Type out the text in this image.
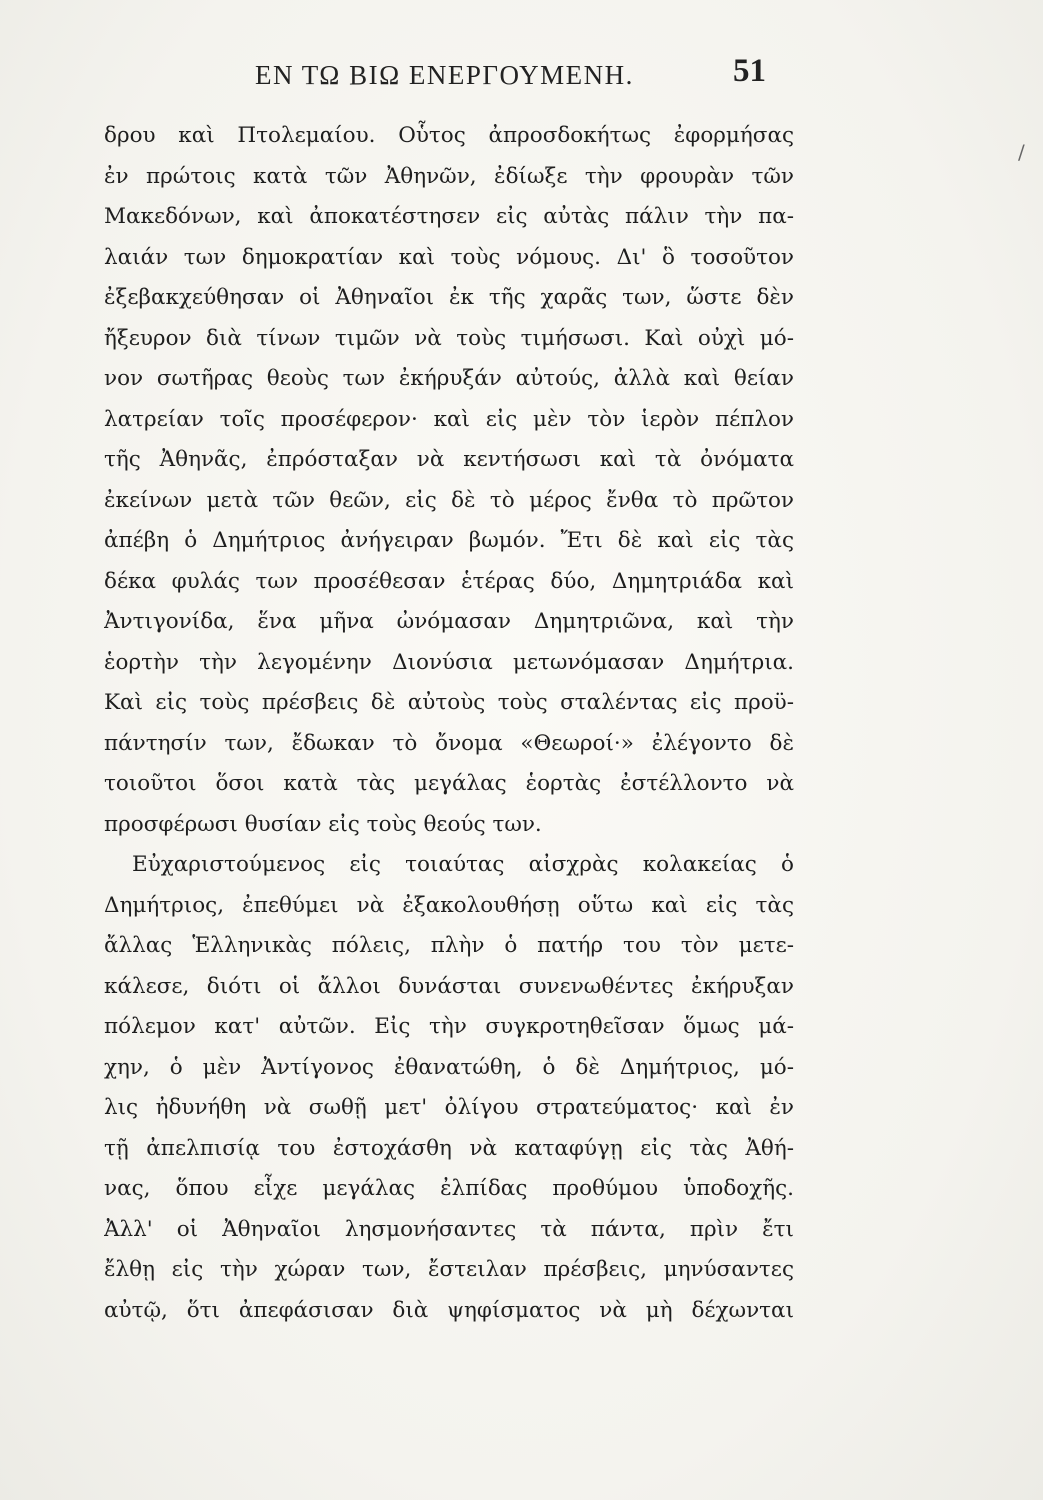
ΕΝ ΤΩ ΒΙΩ ΕΝΕΡΓΟΥΜΕΝΗ.	51
/
δρου καὶ Πτολεμαίου. Οὗτος ἀπροσδοκήτως ἐφορμήσας
ἐν πρώτοις κατὰ τῶν Ἀθηνῶν, ἐδίωξε τὴν φρουρὰν τῶν
Μακεδόνων, καὶ ἀποκατέστησεν εἰς αὐτὰς πάλιν τὴν πα-
λαιάν των δημοκρατίαν καὶ τοὺς νόμους. Δι' ὃ τοσοῦτον
ἐξεβακχεύθησαν οἱ Ἀθηναῖοι ἐκ τῆς χαρᾶς των, ὥστε δὲν
ἤξευρον διὰ τίνων τιμῶν νὰ τοὺς τιμήσωσι. Καὶ οὐχὶ μό-
νον σωτῆρας θεοὺς των ἐκήρυξάν αὐτούς, ἀλλὰ καὶ θείαν
λατρείαν τοῖς προσέφερον· καὶ εἰς μὲν τὸν ἱερὸν πέπλον
τῆς Ἀθηνᾶς, ἐπρόσταξαν νὰ κεντήσωσι καὶ τὰ ὀνόματα
ἐκείνων μετὰ τῶν θεῶν, εἰς δὲ τὸ μέρος ἔνθα τὸ πρῶτον
ἀπέβη ὁ Δημήτριος ἀνήγειραν βωμόν. Ἔτι δὲ καὶ εἰς τὰς
δέκα φυλάς των προσέθεσαν ἑτέρας δύο, Δημητριάδα καὶ
Ἀντιγονίδα, ἕνα μῆνα ὠνόμασαν Δημητριῶνα, καὶ τὴν
ἑορτὴν τὴν λεγομένην Διονύσια μετωνόμασαν Δημήτρια.
Καὶ εἰς τοὺς πρέσβεις δὲ αὐτοὺς τοὺς σταλέντας εἰς προϋ-
πάντησίν των, ἔδωκαν τὸ ὄνομα «Θεωροί·» ἐλέγοντο δὲ
τοιοῦτοι ὅσοι κατὰ τὰς μεγάλας ἑορτὰς ἐστέλλοντο νὰ
προσφέρωσι θυσίαν εἰς τοὺς θεούς των.
Εὐχαριστούμενος εἰς τοιαύτας αἰσχρὰς κολακείας ὁ
Δημήτριος, ἐπεθύμει νὰ ἐξακολουθήσῃ οὕτω καὶ εἰς τὰς
ἄλλας Ἑλληνικὰς πόλεις, πλὴν ὁ πατήρ του τὸν μετε-
κάλεσε, διότι οἱ ἄλλοι δυνάσται συνενωθέντες ἐκήρυξαν
πόλεμον κατ' αὐτῶν. Εἰς τὴν συγκροτηθεῖσαν ὅμως μά-
χην, ὁ μὲν Ἀντίγονος ἐθανατώθη, ὁ δὲ Δημήτριος, μό-
λις ἠδυνήθη νὰ σωθῇ μετ' ὀλίγου στρατεύματος· καὶ ἐν
τῇ ἀπελπισίᾳ του ἐστοχάσθη νὰ καταφύγῃ εἰς τὰς Ἀθή-
νας, ὅπου εἶχε μεγάλας ἐλπίδας προθύμου ὑποδοχῆς.
Ἀλλ' οἱ Ἀθηναῖοι λησμονήσαντες τὰ πάντα, πρὶν ἔτι
ἔλθῃ εἰς τὴν χώραν των, ἔστειλαν πρέσβεις, μηνύσαντες
αὐτῷ, ὅτι ἀπεφάσισαν διὰ ψηφίσματος νὰ μὴ δέχωνται
